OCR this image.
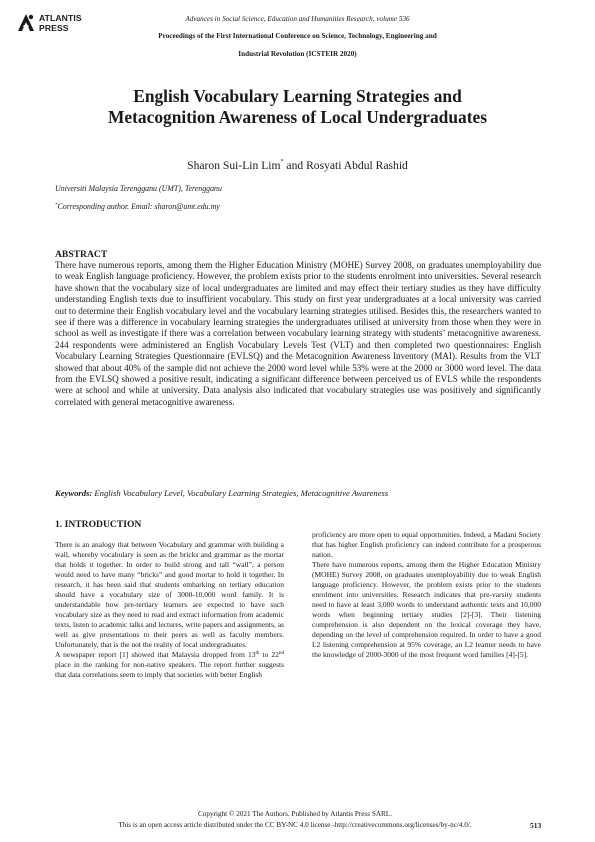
ATLANTIS
PRESS
Advances in Social Science, Education and Humanities Research, volume 536
Proceedings of the First International Conference on Science, Technology, Engineering and
Industrial Revolution (ICSTEIR 2020)
English Vocabulary Learning Strategies and
Metacognition Awareness of Local Undergraduates
Sharon Sui-Lin Lim* and Rosyati Abdul Rashid
Universiti Malaysia Terengganu (UMT), Terengganu
*Corresponding author. Email: sharon@umt.edu.my
ABSTRACT
There have numerous reports, among them the Higher Education Ministry (MOHE) Survey 2008, on graduates unemployability due to weak English language proficiency. However, the problem exists prior to the students enrolment into universities. Several research have shown that the vocabulary size of local undergraduates are limited and may effect their tertiary studies as they have difficulty understanding English texts due to insuffirient vocabulary. This study on first year undergraduates at a local university was carried out to determine their English vocabulary level and the vocabulary learning strategies utilised. Besides this, the researchers wanted to see if there was a difference in vocabulary learning strategies the undergraduates utilised at university from those when they were in school as well as investigate if there was a correlation between vocabulary learning strategy with students’ metacognitive awareness. 244 respondents were administered an English Vocabulary Levels Test (VLT) and then completed two questionnaires: English Vocabulary Learning Strategies Questionnaire (EVLSQ) and the Metacognition Awareness Inventory (MAI). Results from the VLT showed that about 40% of the sample did not achieve the 2000 word level while 53% were at the 2000 or 3000 word level. The data from the EVLSQ showed a positive result, indicating a significant difference between perceived us of EVLS while the respondents were at school and while at university. Data analysis also indicated that vocabulary strategies use was positively and significantly correlated with general metacognitive awareness.
Keywords: English Vocabulary Level, Vocabulary Learning Strategies, Metacognitive Awareness
1. INTRODUCTION

There is an analogy that between Vocabulary and grammar with building a wall, whereby vocabulary is seen as the bricks and grammar as the mortar that holds it together. In order to build strong and tall “wall”, a person would need to have many “bricks” and good mortar to hold it together. In research, it has been said that students embarking on tertiary education should have a vocabulary size of 3000-10,000 word family. It is understandable how pre-tertiary learners are expected to have such vocabulary size as they need to read and extract information from academic texts, listen to academic talks and lectures, write papers and assignments, as well as give presentations to their peers as well as faculty members. Unfortunately, that is the not the reality of local undergraduates.

A newspaper report [1] showed that Malaysia dropped from 13th to 22nd place in the ranking for non-native speakers. The report further suggests that data correlations seem to imply that societies with better English

proficiency are more open to equal opportunities. Indeed, a Madani Society that has higher English proficiency can indeed contribute for a prosperous nation.

There have numerous reports, among them the Higher Education Ministry (MOHE) Survey 2008, on graduates unemployability due to weak English language proficiency. However, the problem exists prior to the students enrolment into universities. Research indicates that pre-varsity students need to have at least 3,000 words to understand authentic texts and 10,000 words when beginning tertiary studies [2]-[3]. Their listening comprehension is also dependent on the lexical coverage they have, depending on the level of comprehension required. In order to have a good L2 listening comprehension at 95% coverage, an L2 learner needs to have the knowledge of 2000-3000 of the most frequent word families [4]-[5].

Copyright © 2021 The Authors. Published by Atlantis Press SARL.
This is an open access article distributed under the CC BY-NC 4.0 license -http://creativecommons.org/licenses/by-nc/4.0/.	513
